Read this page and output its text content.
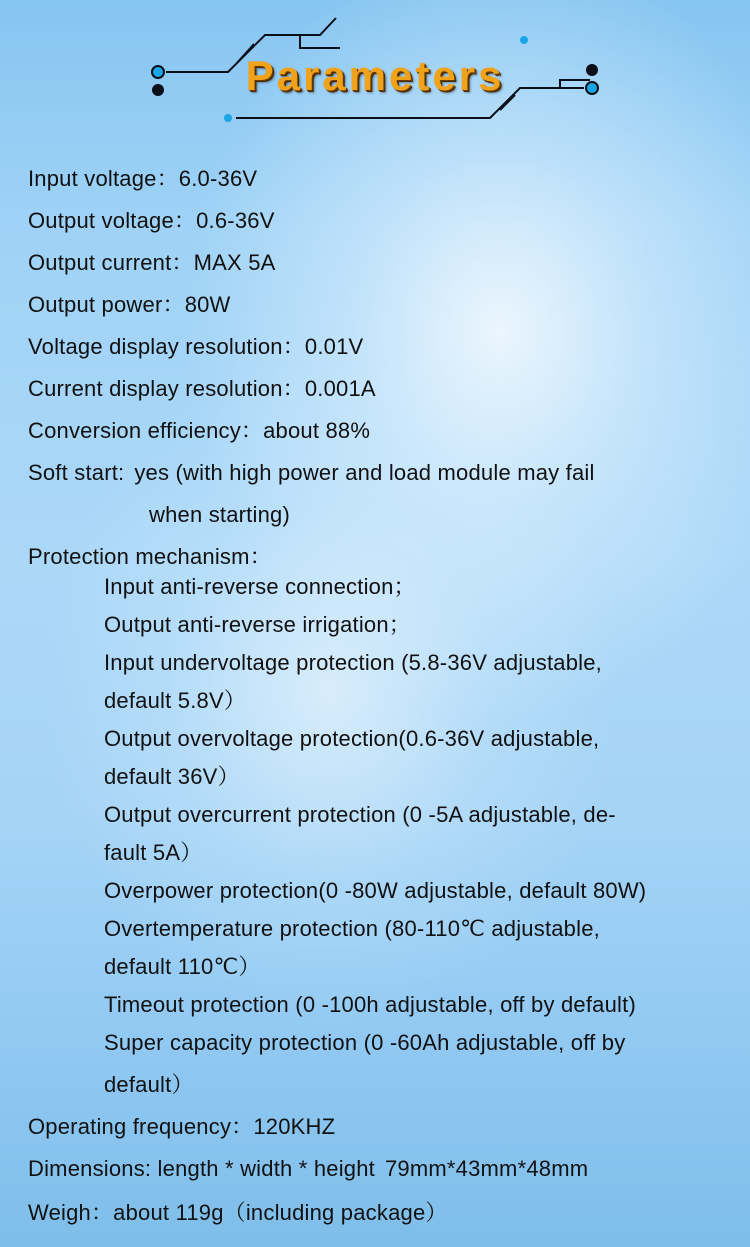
Parameters

Input voltage：6.0-36V

Output voltage：0.6-36V

Output current：MAX 5A

Output power：80W

Voltage display resolution：0.01V

Current display resolution：0.001A

Conversion efficiency：about 88%

Soft start: yes (with high power and load module may fail

when starting)

Protection mechanism：

Input anti-reverse connection；

Output anti-reverse irrigation；

Input undervoltage protection (5.8-36V adjustable,

default 5.8V）

Output overvoltage protection(0.6-36V adjustable,

default 36V）

Output overcurrent protection (0 -5A adjustable, de-

fault 5A）

Overpower protection(0 -80W adjustable, default 80W)

Overtemperature protection (80-110℃ adjustable,

default 110℃）

Timeout protection (0 -100h adjustable, off by default)

Super capacity protection (0 -60Ah adjustable, off by

default）

Operating frequency：120KHZ

Dimensions: length * width * height 79mm*43mm*48mm

Weigh：about 119g（including package）
